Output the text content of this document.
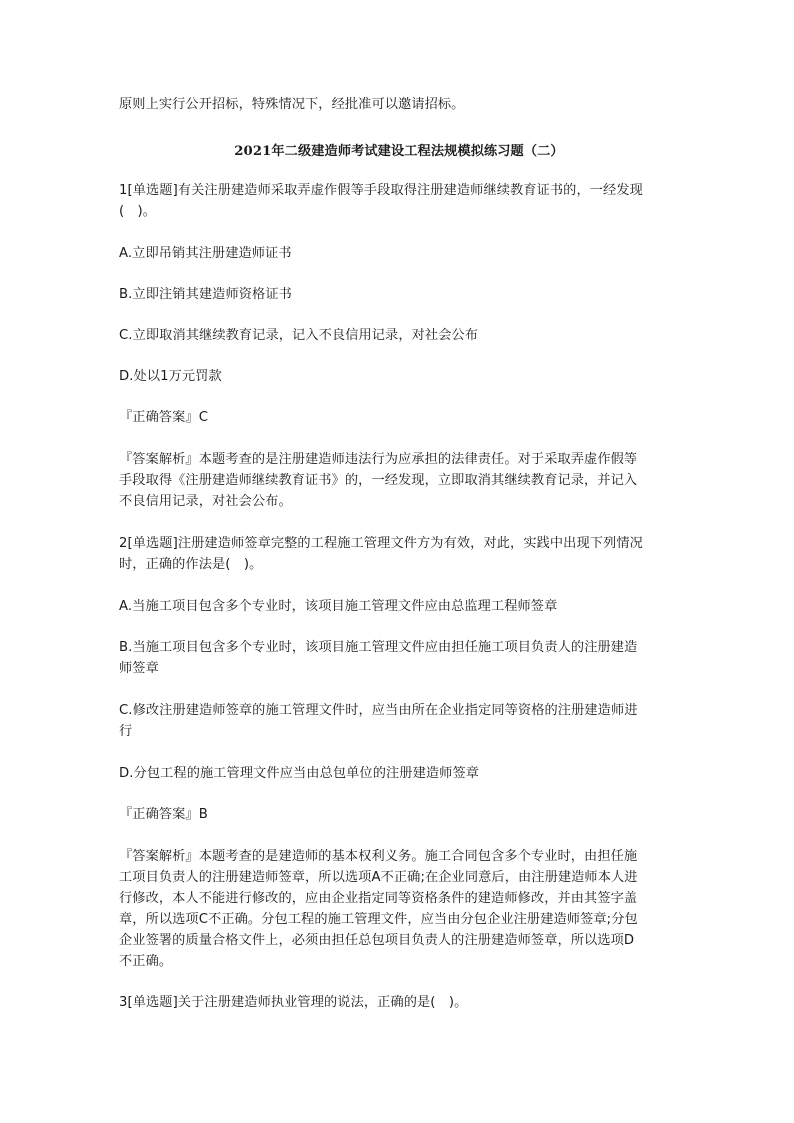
原则上实行公开招标，特殊情况下，经批准可以邀请招标。
2021年二级建造师考试建设工程法规模拟练习题（二）
1[单选题]有关注册建造师采取弄虚作假等手段取得注册建造师继续教育证书的，一经发现
(　)。
A.立即吊销其注册建造师证书
B.立即注销其建造师资格证书
C.立即取消其继续教育记录，记入不良信用记录，对社会公布
D.处以1万元罚款
『正确答案』C
『答案解析』本题考查的是注册建造师违法行为应承担的法律责任。对于采取弄虚作假等
手段取得《注册建造师继续教育证书》的，一经发现，立即取消其继续教育记录，并记入
不良信用记录，对社会公布。
2[单选题]注册建造师签章完整的工程施工管理文件方为有效，对此，实践中出现下列情况
时，正确的作法是(　)。
A.当施工项目包含多个专业时，该项目施工管理文件应由总监理工程师签章
B.当施工项目包含多个专业时，该项目施工管理文件应由担任施工项目负责人的注册建造
师签章
C.修改注册建造师签章的施工管理文件时，应当由所在企业指定同等资格的注册建造师进
行
D.分包工程的施工管理文件应当由总包单位的注册建造师签章
『正确答案』B
『答案解析』本题考查的是建造师的基本权利义务。施工合同包含多个专业时，由担任施
工项目负责人的注册建造师签章，所以选项A不正确;在企业同意后，由注册建造师本人进
行修改，本人不能进行修改的，应由企业指定同等资格条件的建造师修改，并由其签字盖
章，所以选项C不正确。分包工程的施工管理文件，应当由分包企业注册建造师签章;分包
企业签署的质量合格文件上，必须由担任总包项目负责人的注册建造师签章，所以选项D
不正确。
3[单选题]关于注册建造师执业管理的说法，正确的是(　)。
